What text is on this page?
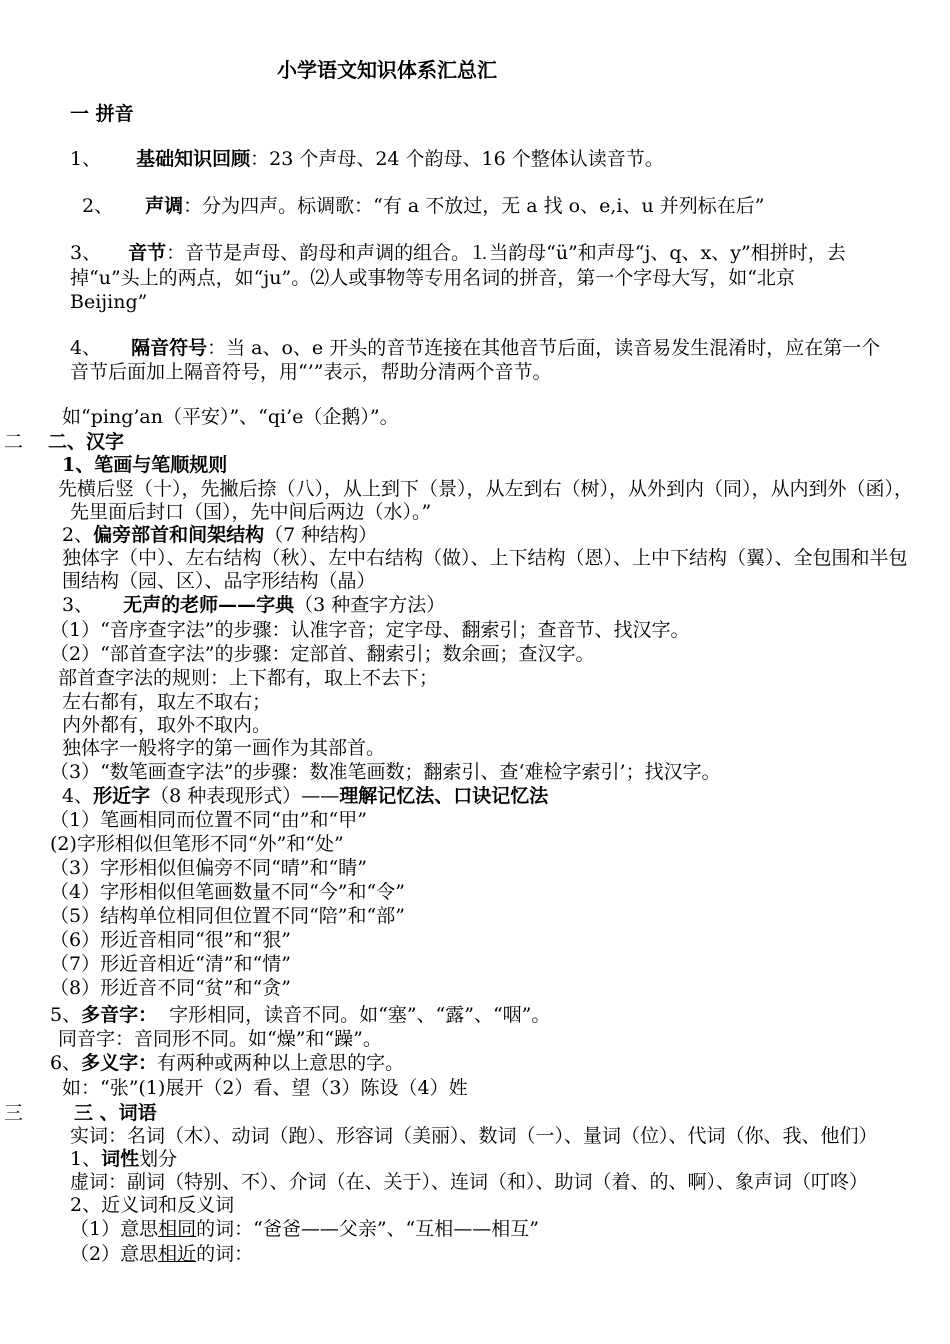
小学语文知识体系汇总汇
一 拼音
1、 基础知识回顾：23 个声母、24 个韵母、16 个整体认读音节。
2、 声调：分为四声。标调歌：“有 a 不放过，无 a 找 o、e,i、u 并列标在后”
3、 音节：音节是声母、韵母和声调的组合。⒈当韵母“ü”和声母“j、q、x、y”相拼时，去
掉“u”头上的两点，如“ju”。⑵人或事物等专用名词的拼音，第一个字母大写，如“北京
Beijing”
4、 隔音符号：当 a、o、e 开头的音节连接在其他音节后面，读音易发生混淆时，应在第一个
音节后面加上隔音符号，用“’”表示，帮助分清两个音节。
如“ping’an（平安）”、“qi’e（企鹅）”。
二 二、汉字
1、笔画与笔顺规则
先横后竖（十），先撇后捺（八），从上到下（景），从左到右（树），从外到内（同），从内到外（函），
先里面后封口（国），先中间后两边（水）。”
2、偏旁部首和间架结构（7 种结构）
独体字（中）、左右结构（秋）、左中右结构（做）、上下结构（恩）、上中下结构（翼）、全包围和半包
围结构（园、区）、品字形结构（晶）
3、 无声的老师——字典（3 种查字方法）
（1）“音序查字法”的步骤：认准字音；定字母、翻索引；查音节、找汉字。
（2）“部首查字法”的步骤：定部首、翻索引；数余画；查汉字。
部首查字法的规则：上下都有，取上不去下；
左右都有，取左不取右；
内外都有，取外不取内。
独体字一般将字的第一画作为其部首。
（3）“数笔画查字法”的步骤：数准笔画数；翻索引、查‘难检字索引’；找汉字。
4、形近字（8 种表现形式）——理解记忆法、口诀记忆法
（1）笔画相同而位置不同“由”和“甲”
(2)字形相似但笔形不同“外”和“处”
（3）字形相似但偏旁不同“晴”和“睛”
（4）字形相似但笔画数量不同“今”和“令”
（5）结构单位相同但位置不同“陪”和“部”
（6）形近音相同“很”和“狠”
（7）形近音相近“清”和“情”
（8）形近音不同“贫”和“贪”
5、多音字： 字形相同，读音不同。如“塞”、“露”、“咽”。
同音字：音同形不同。如“燥”和“躁”。
6、多义字：有两种或两种以上意思的字。
如：“张”(1)展开（2）看、望（3）陈设（4）姓
三	三 、词语
实词：名词（木）、动词（跑）、形容词（美丽）、数词（一）、量词（位）、代词（你、我、他们）
1、词性划分
虚词：副词（特别、不）、介词（在、关于）、连词（和）、助词（着、的、啊）、象声词（叮咚）
2、近义词和反义词
（1）意思相同的词：“爸爸——父亲”、“互相——相互”
（2）意思相近的词：
